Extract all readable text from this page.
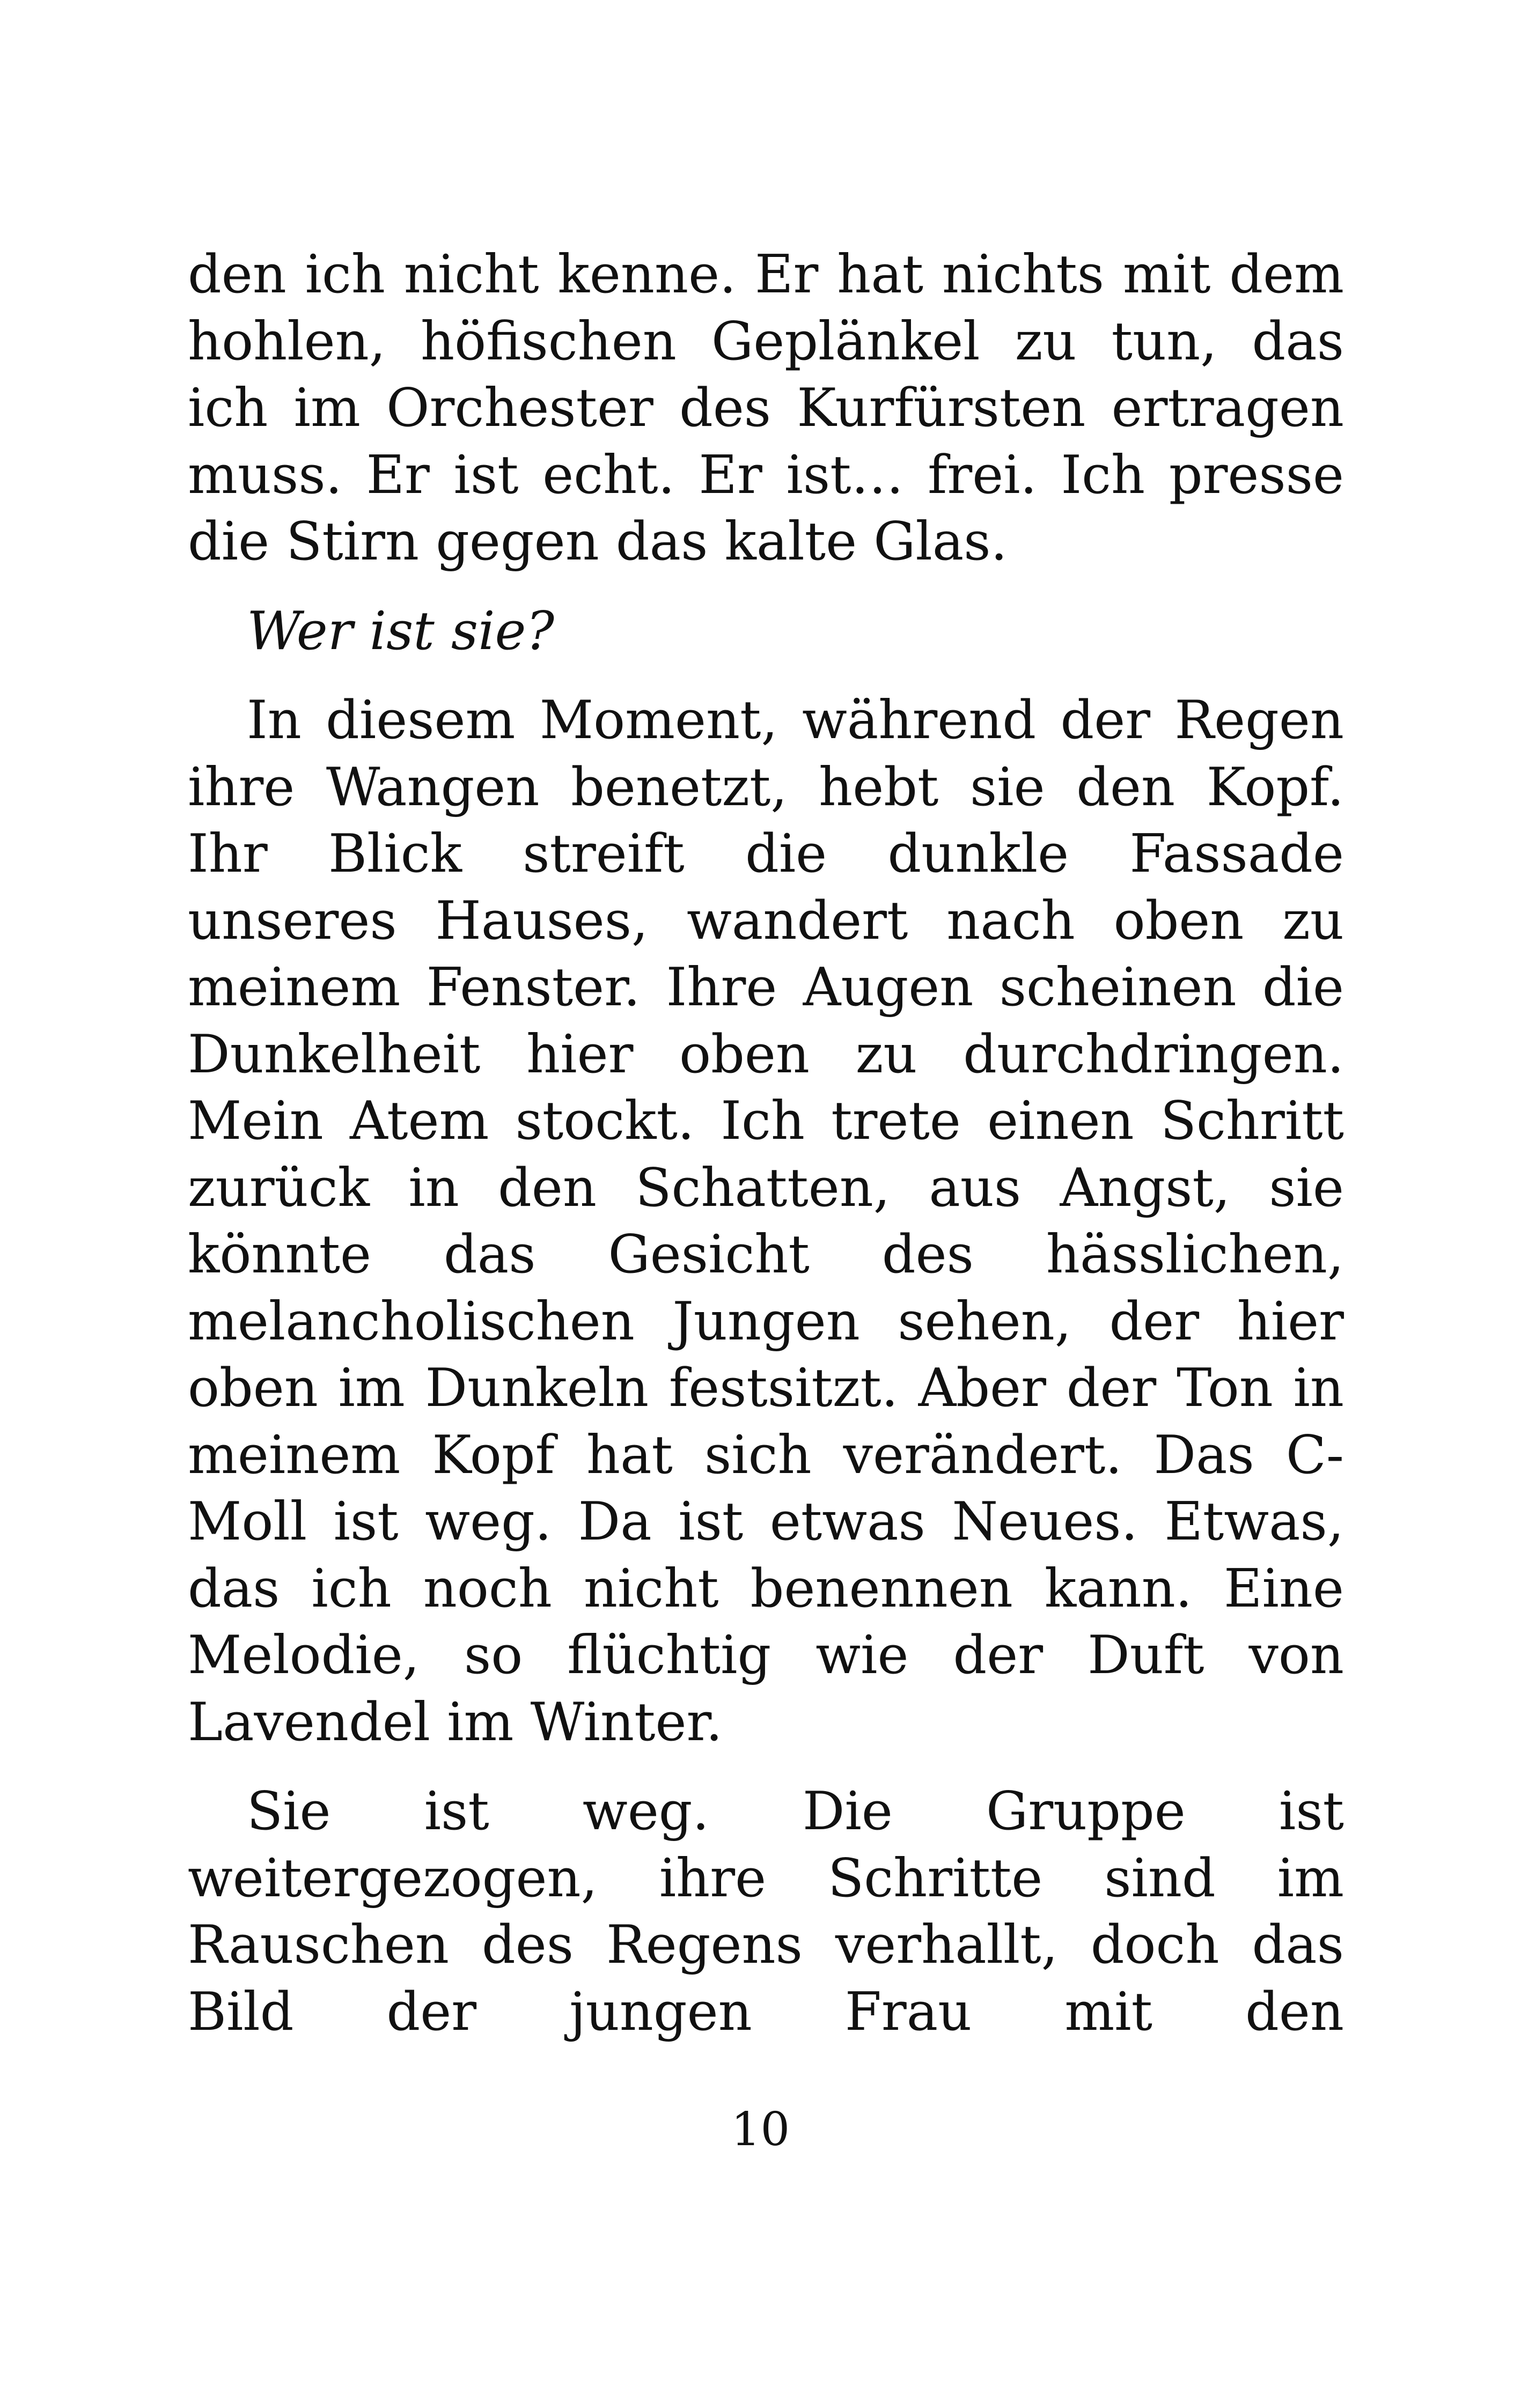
den ich nicht kenne. Er hat nichts mit dem hohlen, höfischen Geplänkel zu tun, das ich im Orchester des Kurfürsten ertragen muss. Er ist echt. Er ist… frei. Ich presse die Stirn gegen das kalte Glas.

Wer ist sie?

In diesem Moment, während der Regen ihre Wangen benetzt, hebt sie den Kopf. Ihr Blick streift die dunkle Fassade unseres Hauses, wandert nach oben zu meinem Fenster. Ihre Augen scheinen die Dunkelheit hier oben zu durchdringen. Mein Atem stockt. Ich trete einen Schritt zurück in den Schatten, aus Angst, sie könnte das Gesicht des hässlichen, melancholischen Jungen sehen, der hier oben im Dunkeln festsitzt. Aber der Ton in meinem Kopf hat sich verändert. Das C-Moll ist weg. Da ist etwas Neues. Etwas, das ich noch nicht benennen kann. Eine Melodie, so flüchtig wie der Duft von Lavendel im Winter.

Sie ist weg. Die Gruppe ist weitergezogen, ihre Schritte sind im Rauschen des Regens verhallt, doch das Bild der jungen Frau mit den

10
